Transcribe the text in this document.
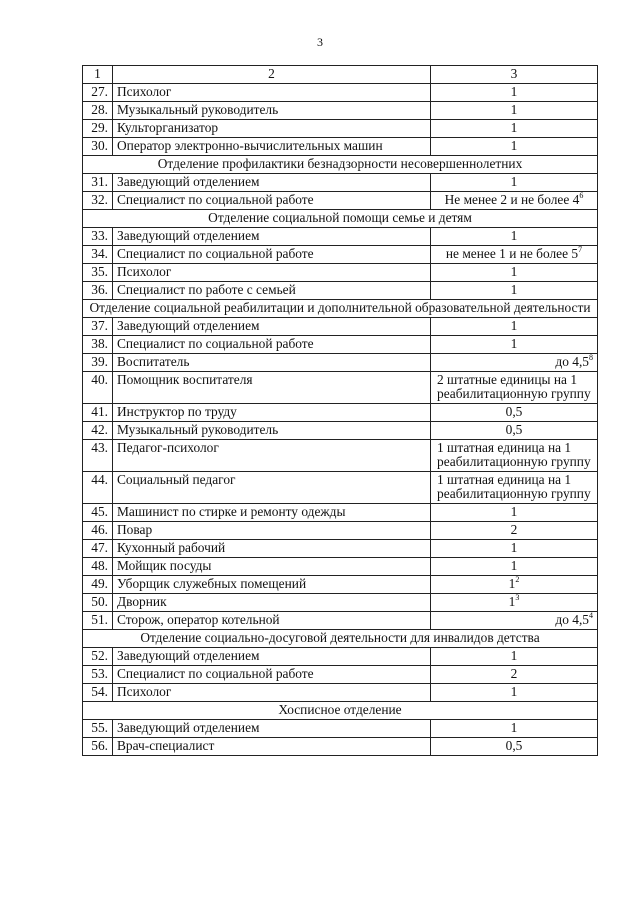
3
1	2	3
27.	Психолог	1
28.	Музыкальный руководитель	1
29.	Культорганизатор	1
30.	Оператор электронно-вычислительных машин	1
Отделение профилактики безнадзорности несовершеннолетних		
31.	Заведующий отделением	1
32.	Специалист по социальной работе	Не менее 2 и не более $4^6$
Отделение социальной помощи семье и детям		
33.	Заведующий отделением	1
34.	Специалист по социальной работе	не менее 1 и не более $5^7$
35.	Психолог	1
36.	Специалист по работе с семьей	1
Отделение социальной реабилитации и дополнительной образовательной деятельности		
37.	Заведующий отделением	1
38.	Специалист по социальной работе	1
39.	Воспитатель	до $4,5^8$
40.	Помощник воспитателя	2 штатные единицы на 1 реабилитационную группу
41.	Инструктор по труду	0,5
42.	Музыкальный руководитель	0,5
43.	Педагог-психолог	1 штатная единица на 1 реабилитационную группу
44.	Социальный педагог	1 штатная единица на 1 реабилитационную группу
45.	Машинист по стирке и ремонту одежды	1
46.	Повар	2
47.	Кухонный рабочий	1
48.	Мойщик посуды	1
49.	Уборщик служебных помещений	$1^2$
50.	Дворник	$1^3$
51.	Сторож, оператор котельной	до $4,5^4$
Отделение социально-досуговой деятельности для инвалидов детства		
52.	Заведующий отделением	1
53.	Специалист по социальной работе	2
54.	Психолог	1
Хосписное отделение		
55.	Заведующий отделением	1
56.	Врач-специалист	0,5
